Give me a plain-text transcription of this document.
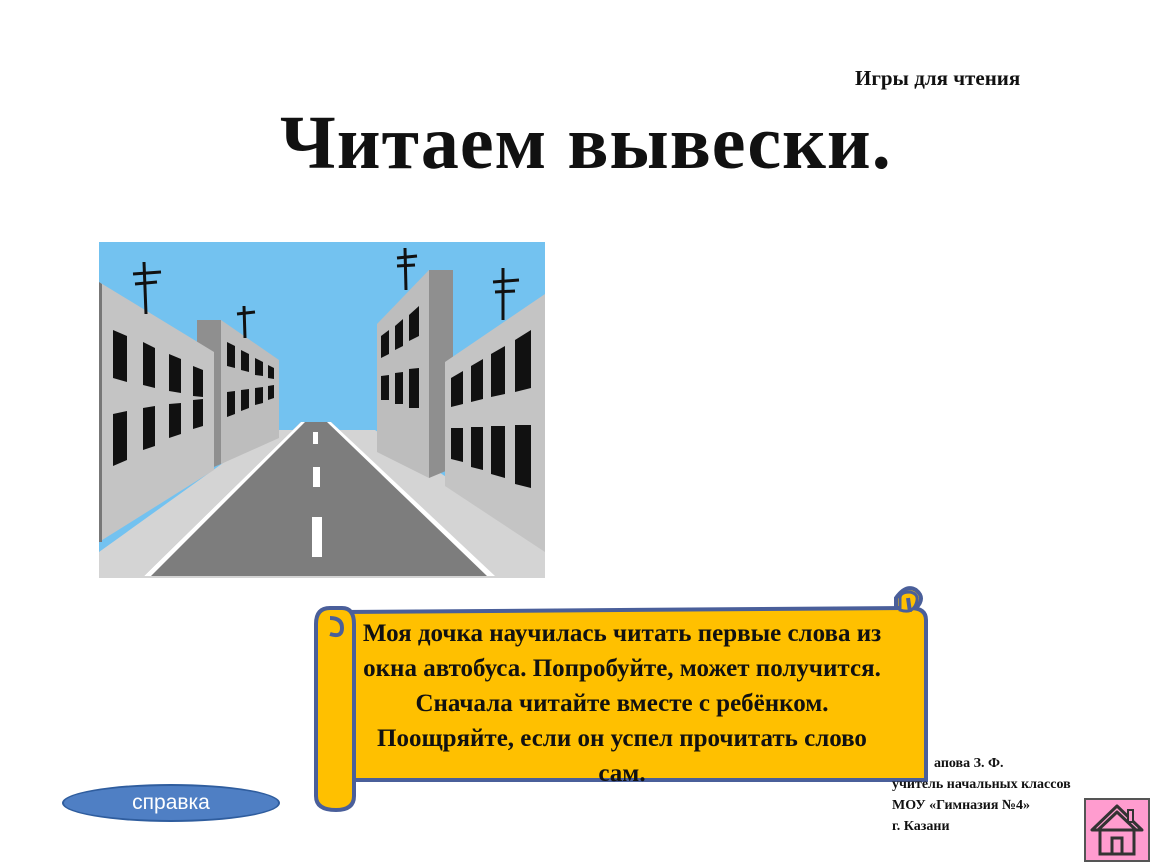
Игры для чтения
Читаем вывески.
Моя дочка научилась читать первые слова из окна автобуса. Попробуйте, может получится. Сначала читайте вместе с ребёнком. Поощряйте, если он успел прочитать слово сам.	апова З. Ф.
учитель начальных классов
МОУ «Гимназия №4»
г. Казани
справка
